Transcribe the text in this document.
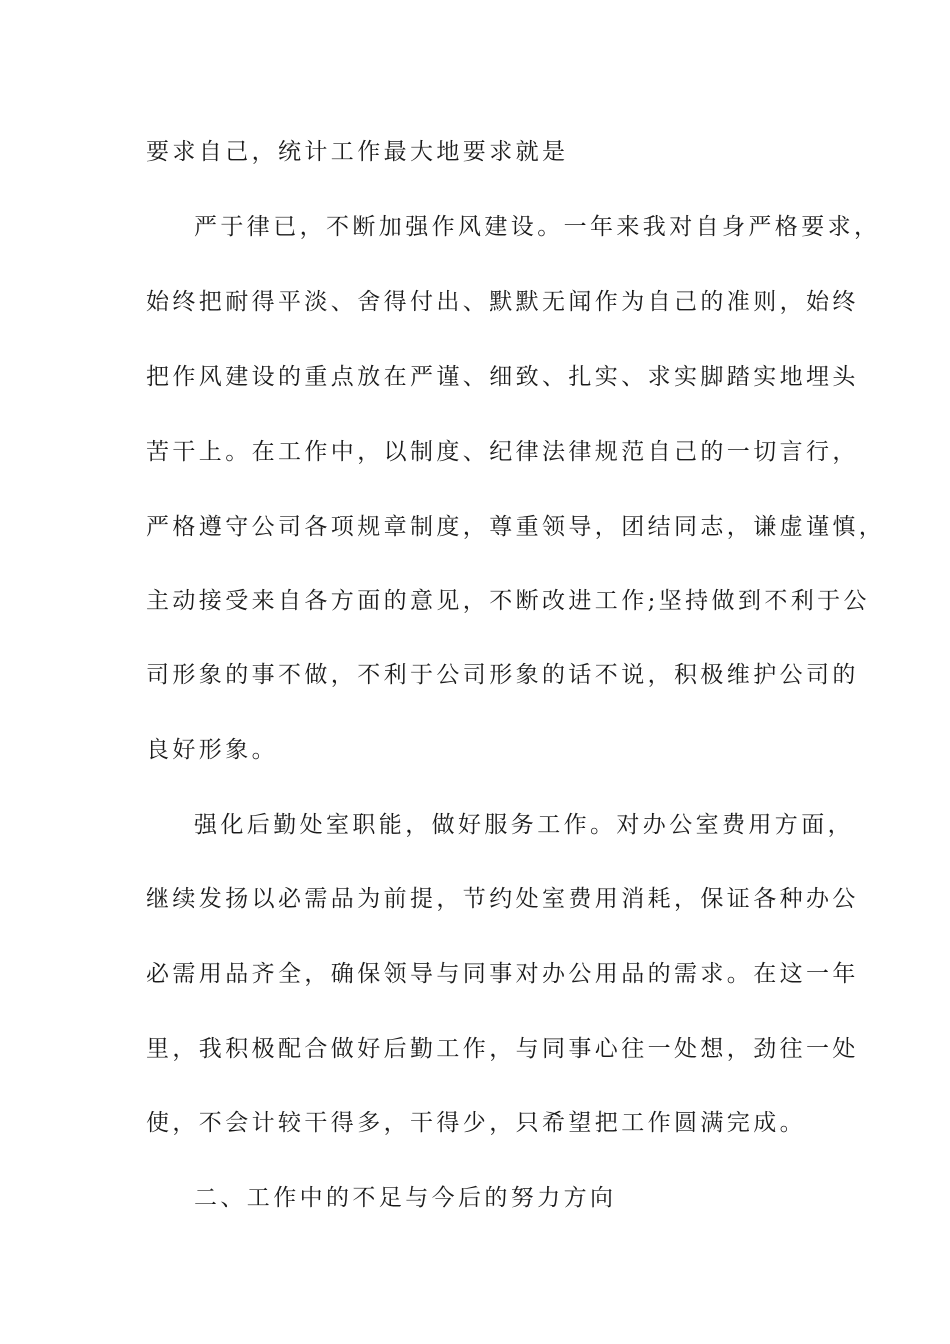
要求自己，统计工作最大地要求就是
严于律已，不断加强作风建设。一年来我对自身严格要求，
始终把耐得平淡、舍得付出、默默无闻作为自己的准则，始终
把作风建设的重点放在严谨、细致、扎实、求实脚踏实地埋头
苦干上。在工作中，以制度、纪律法律规范自己的一切言行，
严格遵守公司各项规章制度，尊重领导，团结同志，谦虚谨慎，
主动接受来自各方面的意见，不断改进工作;坚持做到不利于公
司形象的事不做，不利于公司形象的话不说，积极维护公司的
良好形象。
强化后勤处室职能，做好服务工作。对办公室费用方面，
继续发扬以必需品为前提，节约处室费用消耗，保证各种办公
必需用品齐全，确保领导与同事对办公用品的需求。在这一年
里，我积极配合做好后勤工作，与同事心往一处想，劲往一处
使，不会计较干得多，干得少，只希望把工作圆满完成。
二、工作中的不足与今后的努力方向
